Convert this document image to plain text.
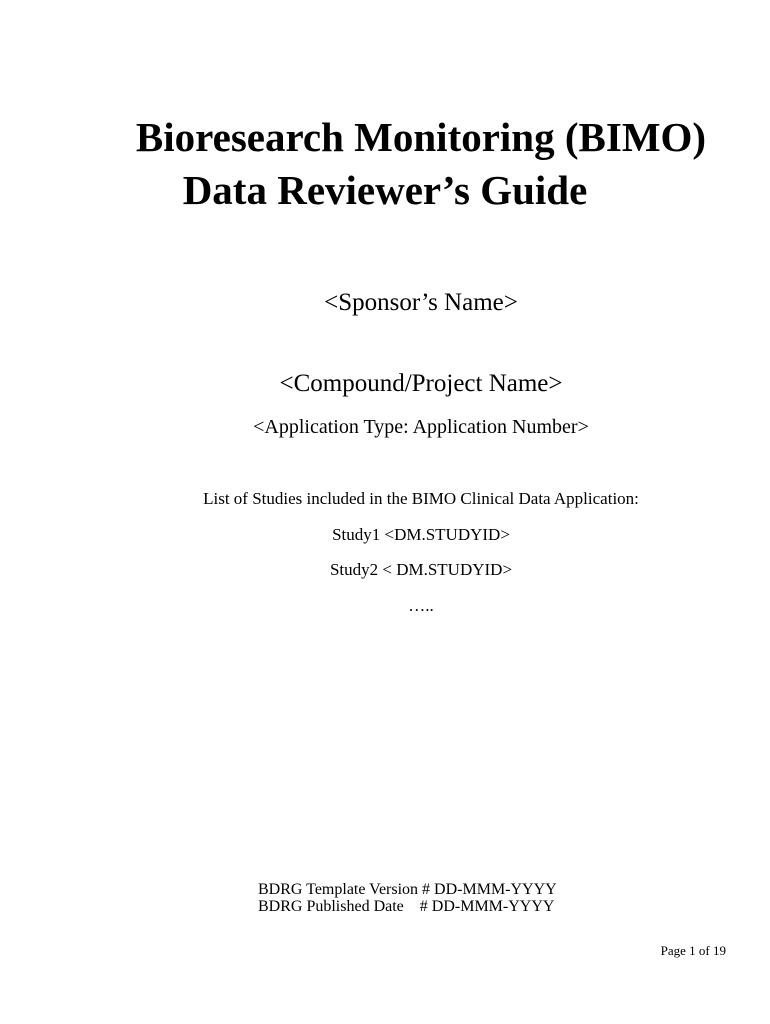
Bioresearch Monitoring (BIMO)
Data Reviewer’s Guide

<Sponsor’s Name>

<Compound/Project Name>

<Application Type: Application Number>

List of Studies included in the BIMO Clinical Data Application:

Study1 <DM.STUDYID>

Study2 < DM.STUDYID>

…..

BDRG Template Version # DD-MMM-YYYY
BDRG Published Date    # DD-MMM-YYYY

Page 1 of 19
